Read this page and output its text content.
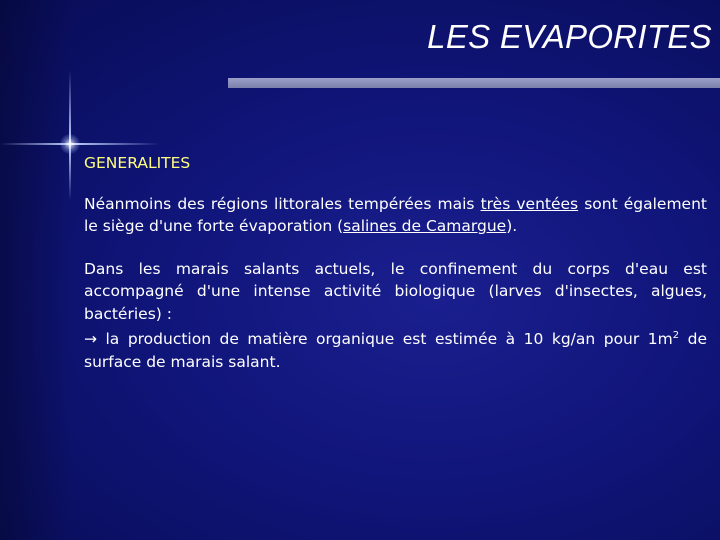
LES EVAPORITES

GENERALITES

Néanmoins des régions littorales tempérées mais très ventées sont également le siège d'une forte évaporation (salines de Camargue).

Dans les marais salants actuels, le confinement du corps d'eau est accompagné d'une intense activité biologique (larves d'insectes, algues, bactéries) :
→ la production de matière organique est estimée à 10 kg/an pour $1m^2$ de surface de marais salant.
